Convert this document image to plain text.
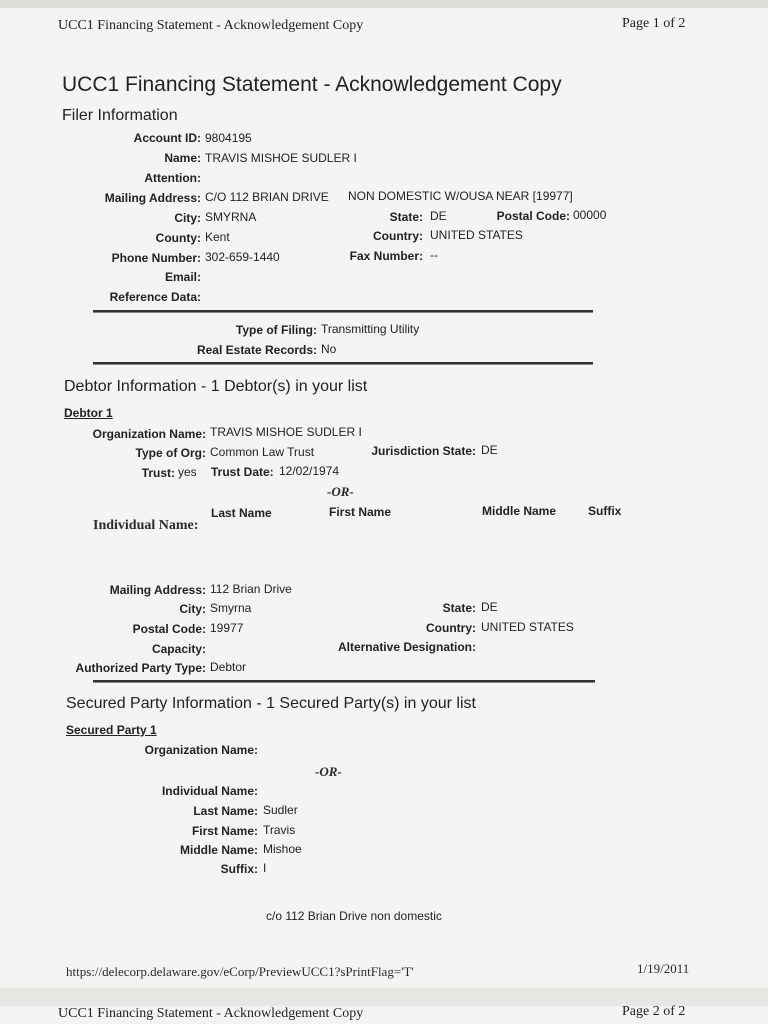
UCC1 Financing Statement - Acknowledgement Copy	Page 1 of 2
UCC1 Financing Statement - Acknowledgement Copy
Filer Information
Account ID: 9804195
Name: TRAVIS MISHOE SUDLER I
Attention:
Mailing Address: C/O 112 BRIAN DRIVE NON DOMESTIC W/OUSA NEAR [19977]
City: SMYRNA	State: DE	Postal Code: 00000
County: Kent	Country: UNITED STATES
Phone Number: 302-659-1440	Fax Number: --
Email:
Reference Data:
Type of Filing: Transmitting Utility
Real Estate Records: No
Debtor Information - 1 Debtor(s) in your list
Debtor 1
Organization Name: TRAVIS MISHOE SUDLER I
Type of Org: Common Law Trust	Jurisdiction State: DE
Trust: yes Trust Date: 12/02/1974
-OR-
Last Name	First Name	Middle Name	Suffix
Individual Name:
Mailing Address: 112 Brian Drive
City: Smyrna	State: DE
Postal Code: 19977	Country: UNITED STATES
Capacity:	Alternative Designation:
Authorized Party Type: Debtor
Secured Party Information - 1 Secured Party(s) in your list
Secured Party 1
Organization Name:
-OR-
Individual Name:
Last Name: Sudler
First Name: Travis
Middle Name: Mishoe
Suffix: I
c/o 112 Brian Drive non domestic
https://delecorp.delaware.gov/eCorp/PreviewUCC1?sPrintFlag='T'	1/19/2011
UCC1 Financing Statement - Acknowledgement Copy	Page 2 of 2
